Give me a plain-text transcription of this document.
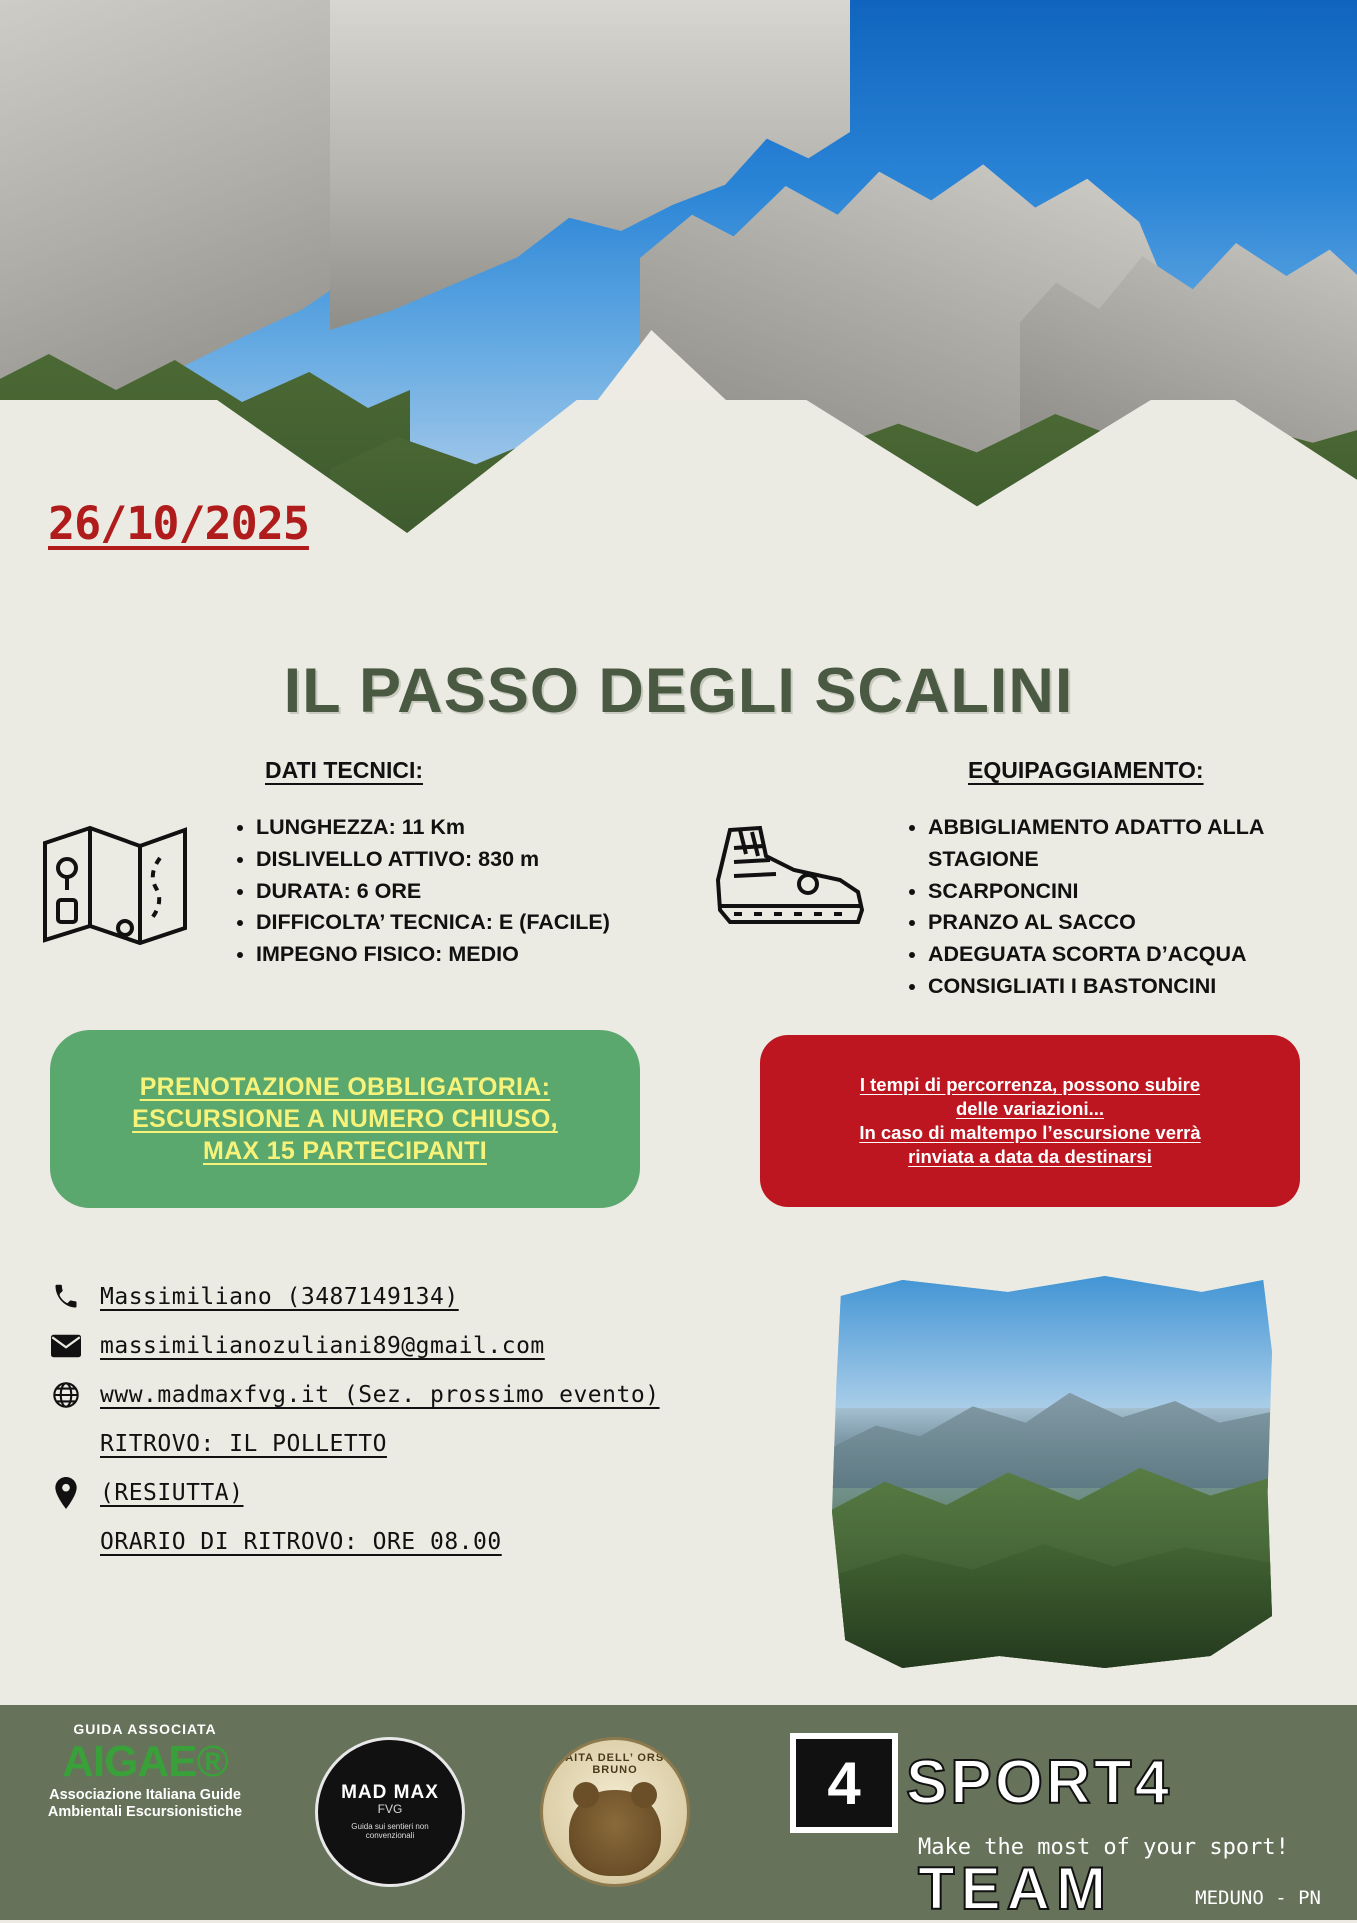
26/10/2025
IL PASSO DEGLI SCALINI
DATI TECNICI:
• LUNGHEZZA: 11 Km
• DISLIVELLO ATTIVO: 830 m
• DURATA: 6 ORE
• DIFFICOLTA’ TECNICA: E (FACILE)
• IMPEGNO FISICO: MEDIO
EQUIPAGGIAMENTO:
• ABBIGLIAMENTO ADATTO ALLA STAGIONE
• SCARPONCINI
• PRANZO AL SACCO
• ADEGUATA SCORTA D’ACQUA
• CONSIGLIATI I BASTONCINI
PRENOTAZIONE OBBLIGATORIA:
ESCURSIONE A NUMERO CHIUSO,
MAX 15 PARTECIPANTI
I tempi di percorrenza, possono subire
delle variazioni...
In caso di maltempo l’escursione verrà
rinviata a data da destinarsi
Massimiliano (3487149134)
massimilianozuliani89@gmail.com
www.madmaxfvg.it (Sez. prossimo evento)
RITROVO: IL POLLETTO
(RESIUTTA)
ORARIO DI RITROVO: ORE 08.00
GUIDA ASSOCIATA
AIGAE®
Associazione Italiana Guide
Ambientali Escursionistiche
MAD MAX
FVG
Guida sui sentieri non convenzionali
BAITA DELL’ ORSO BRUNO	4 SPORT4
Make the most of your sport!
TEAM	MEDUNO - PN
